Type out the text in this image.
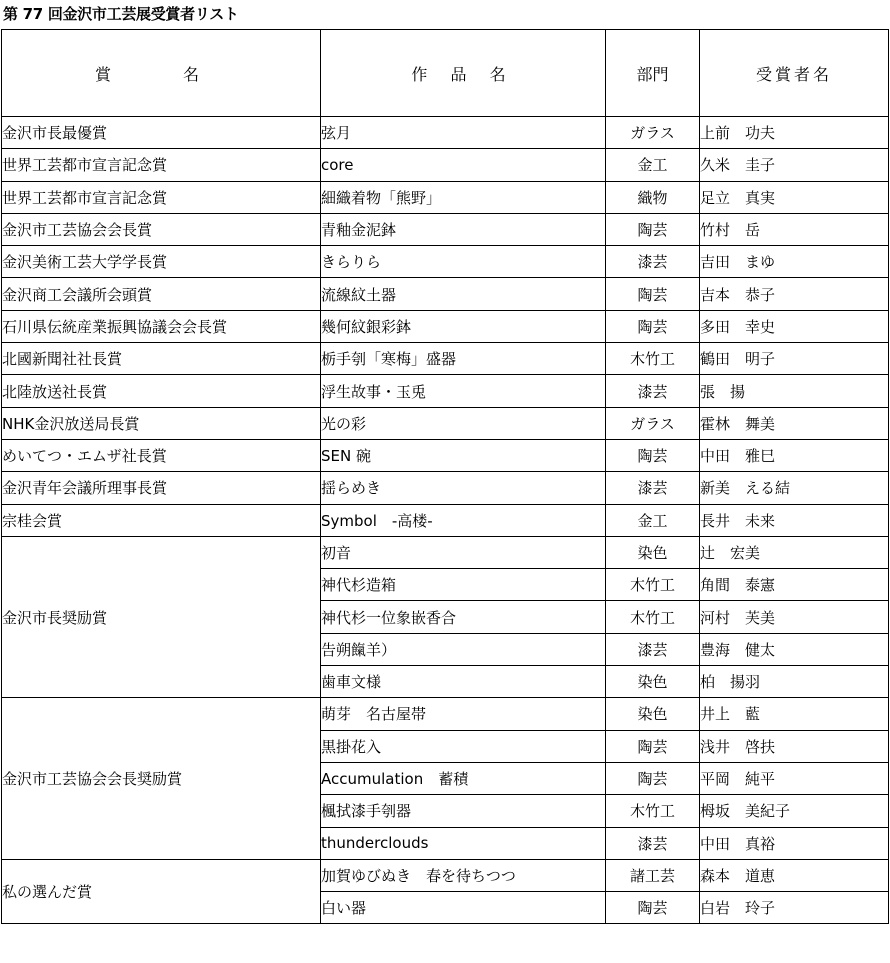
第 77 回金沢市工芸展受賞者リスト
賞　名	作 品 名	部門	受賞者名
金沢市長最優賞	弦月	ガラス	上前　功夫
世界工芸都市宣言記念賞	core	金工	久米　圭子
世界工芸都市宣言記念賞	細織着物「熊野」	織物	足立　真実
金沢市工芸協会会長賞	青釉金泥鉢	陶芸	竹村　岳
金沢美術工芸大学学長賞	きらりら	漆芸	吉田　まゆ
金沢商工会議所会頭賞	流線紋土器	陶芸	吉本　恭子
石川県伝統産業振興協議会会長賞	幾何紋銀彩鉢	陶芸	多田　幸史
北國新聞社社長賞	栃手刳「寒梅」盛器	木竹工	鶴田　明子
北陸放送社長賞	浮生故事・玉兎	漆芸	張　揚
NHK金沢放送局長賞	光の彩	ガラス	霍林　舞美
めいてつ・エムザ社長賞	SEN 碗	陶芸	中田　雅巳
金沢青年会議所理事長賞	揺らめき	漆芸	新美　える結
宗桂会賞	Symbol　-高楼-	金工	長井　未来
金沢市長奨励賞	初音	染色	辻　宏美
	神代杉造箱	木竹工	角間　泰憲
	神代杉一位象嵌香合	木竹工	河村　芙美
	告朔餼羊）	漆芸	豊海　健太
	歯車文様	染色	柏　揚羽
金沢市工芸協会会長奨励賞	萌芽　名古屋帯	染色	井上　藍
	黒掛花入	陶芸	浅井　啓扶
	Accumulation　蓄積	陶芸	平岡　純平
	楓拭漆手刳器	木竹工	栂坂　美紀子
	thunderclouds	漆芸	中田　真裕
私の選んだ賞	加賀ゆびぬき　春を待ちつつ	諸工芸	森本　道恵
	白い器	陶芸	白岩　玲子
